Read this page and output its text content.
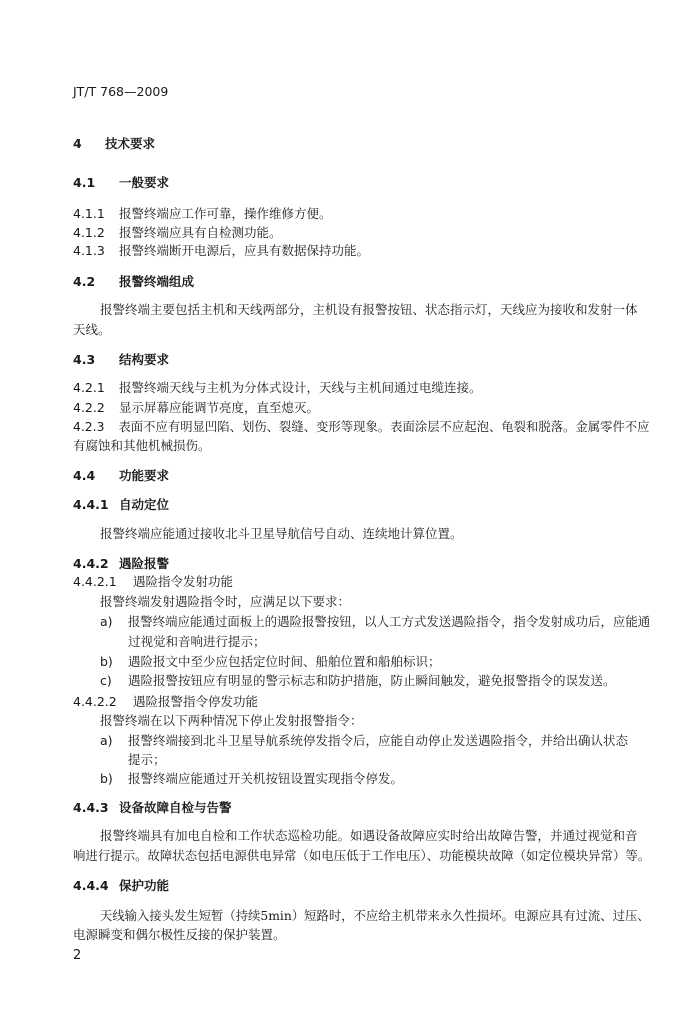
JT/T 768—2009
4 技术要求
4.1 一般要求
4.1.1 报警终端应工作可靠，操作维修方便。
4.1.2 报警终端应具有自检测功能。
4.1.3 报警终端断开电源后，应具有数据保持功能。
4.2 报警终端组成
报警终端主要包括主机和天线两部分，主机设有报警按钮、状态指示灯，天线应为接收和发射一体
天线。
4.3 结构要求
4.2.1 报警终端天线与主机为分体式设计，天线与主机间通过电缆连接。
4.2.2 显示屏幕应能调节亮度，直至熄灭。
4.2.3 表面不应有明显凹陷、划伤、裂缝、变形等现象。表面涂层不应起泡、龟裂和脱落。金属零件不应
有腐蚀和其他机械损伤。
4.4 功能要求
4.4.1 自动定位
报警终端应能通过接收北斗卫星导航信号自动、连续地计算位置。
4.4.2 遇险报警
4.4.2.1 遇险指令发射功能
报警终端发射遇险指令时，应满足以下要求：
a) 报警终端应能通过面板上的遇险报警按钮，以人工方式发送遇险指令，指令发射成功后，应能通
过视觉和音响进行提示；
b) 遇险报文中至少应包括定位时间、船舶位置和船舶标识；
c) 遇险报警按钮应有明显的警示标志和防护措施，防止瞬间触发，避免报警指令的误发送。
4.4.2.2 遇险报警指令停发功能
报警终端在以下两种情况下停止发射报警指令：
a) 报警终端接到北斗卫星导航系统停发指令后，应能自动停止发送遇险指令，并给出确认状态
提示；
b) 报警终端应能通过开关机按钮设置实现指令停发。
4.4.3 设备故障自检与告警
报警终端具有加电自检和工作状态巡检功能。如遇设备故障应实时给出故障告警，并通过视觉和音
响进行提示。故障状态包括电源供电异常（如电压低于工作电压）、功能模块故障（如定位模块异常）等。
4.4.4 保护功能
天线输入接头发生短暂（持续5min）短路时，不应给主机带来永久性损坏。电源应具有过流、过压、
电源瞬变和偶尔极性反接的保护装置。
2
